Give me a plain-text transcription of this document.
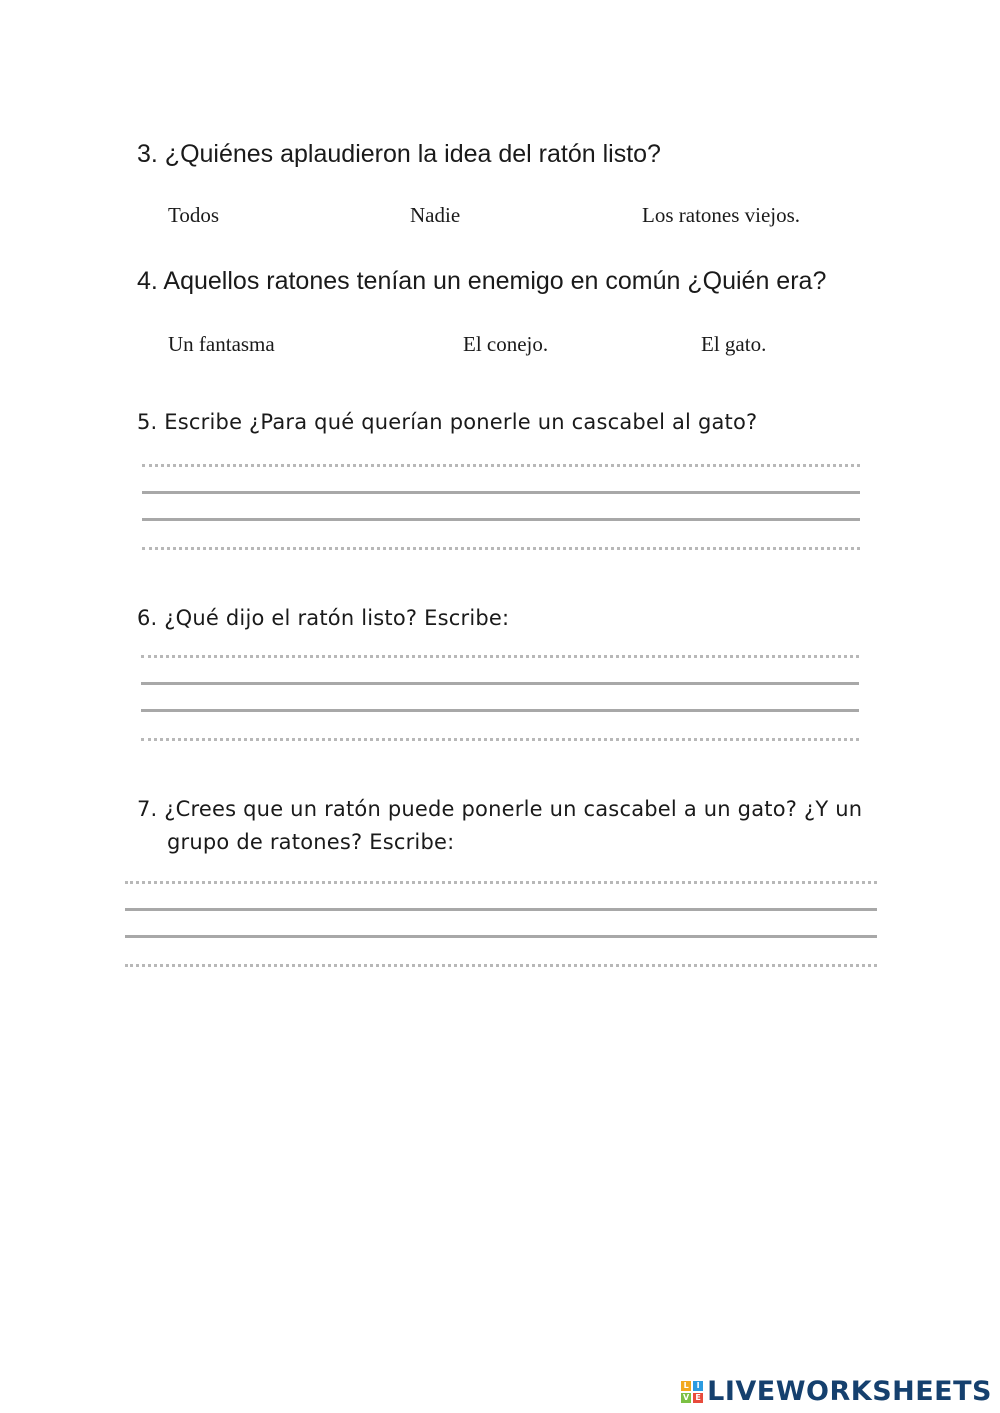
3. ¿Quiénes aplaudieron la idea del ratón listo?
Todos	Nadie	Los ratones viejos.
4. Aquellos ratones tenían un enemigo en común ¿Quién era?
Un fantasma	El conejo.	El gato.
5. Escribe ¿Para qué querían ponerle un cascabel al gato?
6. ¿Qué dijo el ratón listo? Escribe:
7. ¿Crees que un ratón puede ponerle un cascabel a un gato? ¿Y un
grupo de ratones? Escribe:
L I
V E LIVEWORKSHEETS
